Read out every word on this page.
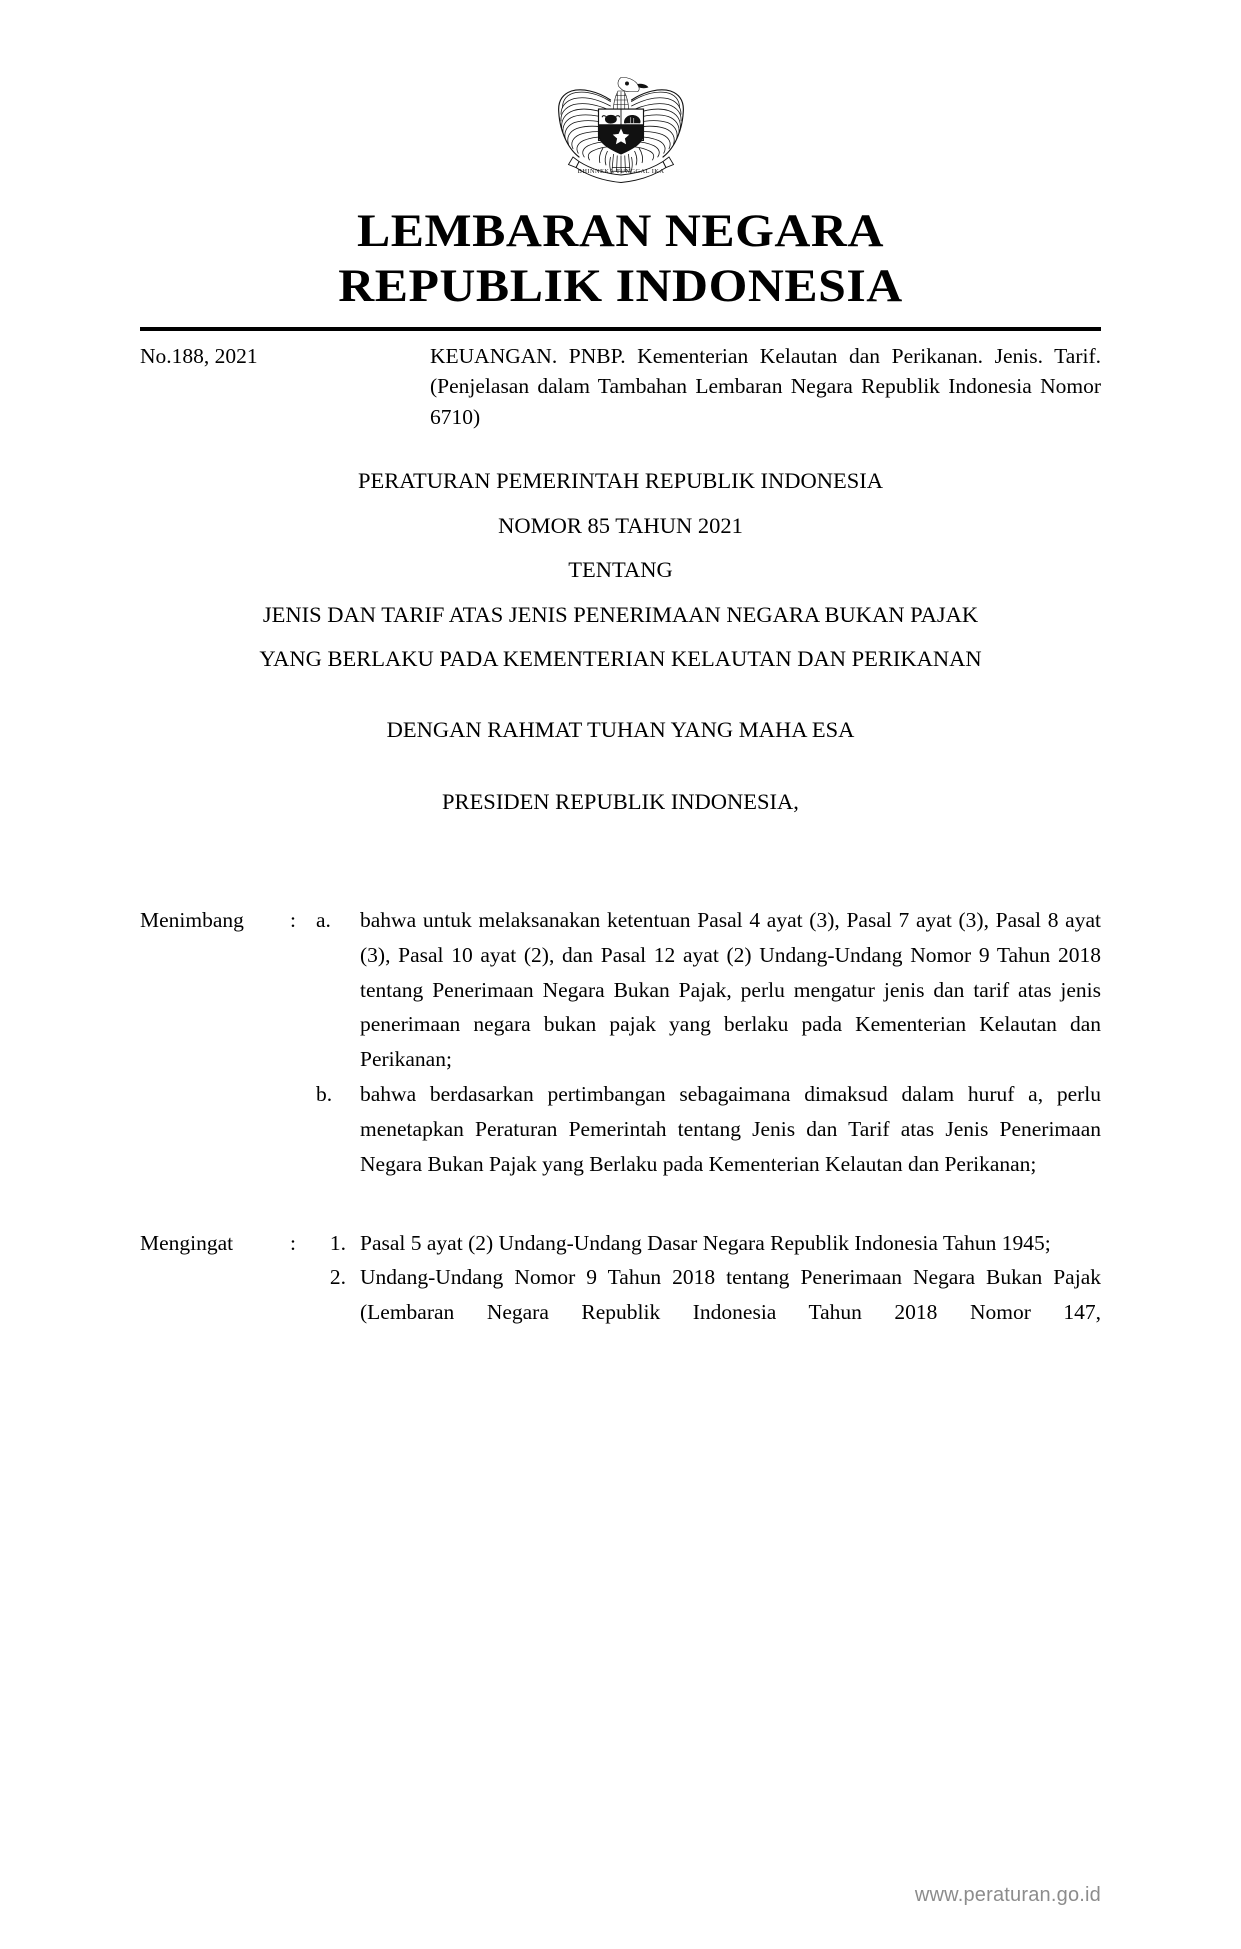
BHINNEKA TUNGGAL IKA
LEMBARAN NEGARA
REPUBLIK INDONESIA
No.188, 2021	KEUANGAN. PNBP. Kementerian Kelautan dan Perikanan. Jenis. Tarif. (Penjelasan dalam Tambahan Lembaran Negara Republik Indonesia Nomor 6710)
PERATURAN PEMERINTAH REPUBLIK INDONESIA
NOMOR 85 TAHUN 2021
TENTANG
JENIS DAN TARIF ATAS JENIS PENERIMAAN NEGARA BUKAN PAJAK
YANG BERLAKU PADA KEMENTERIAN KELAUTAN DAN PERIKANAN
DENGAN RAHMAT TUHAN YANG MAHA ESA
PRESIDEN REPUBLIK INDONESIA,
Menimbang	: a.	bahwa untuk melaksanakan ketentuan Pasal 4 ayat (3), Pasal 7 ayat (3), Pasal 8 ayat (3), Pasal 10 ayat (2), dan Pasal 12 ayat (2) Undang-Undang Nomor 9 Tahun 2018 tentang Penerimaan Negara Bukan Pajak, perlu mengatur jenis dan tarif atas jenis penerimaan negara bukan pajak yang berlaku pada Kementerian Kelautan dan Perikanan;
b.	bahwa berdasarkan pertimbangan sebagaimana dimaksud dalam huruf a, perlu menetapkan Peraturan Pemerintah tentang Jenis dan Tarif atas Jenis Penerimaan Negara Bukan Pajak yang Berlaku pada Kementerian Kelautan dan Perikanan;
Mengingat	:	1. Pasal 5 ayat (2) Undang-Undang Dasar Negara Republik Indonesia Tahun 1945;
2. Undang-Undang Nomor 9 Tahun 2018 tentang Penerimaan Negara Bukan Pajak (Lembaran Negara Republik Indonesia Tahun 2018 Nomor 147,
www.peraturan.go.id
